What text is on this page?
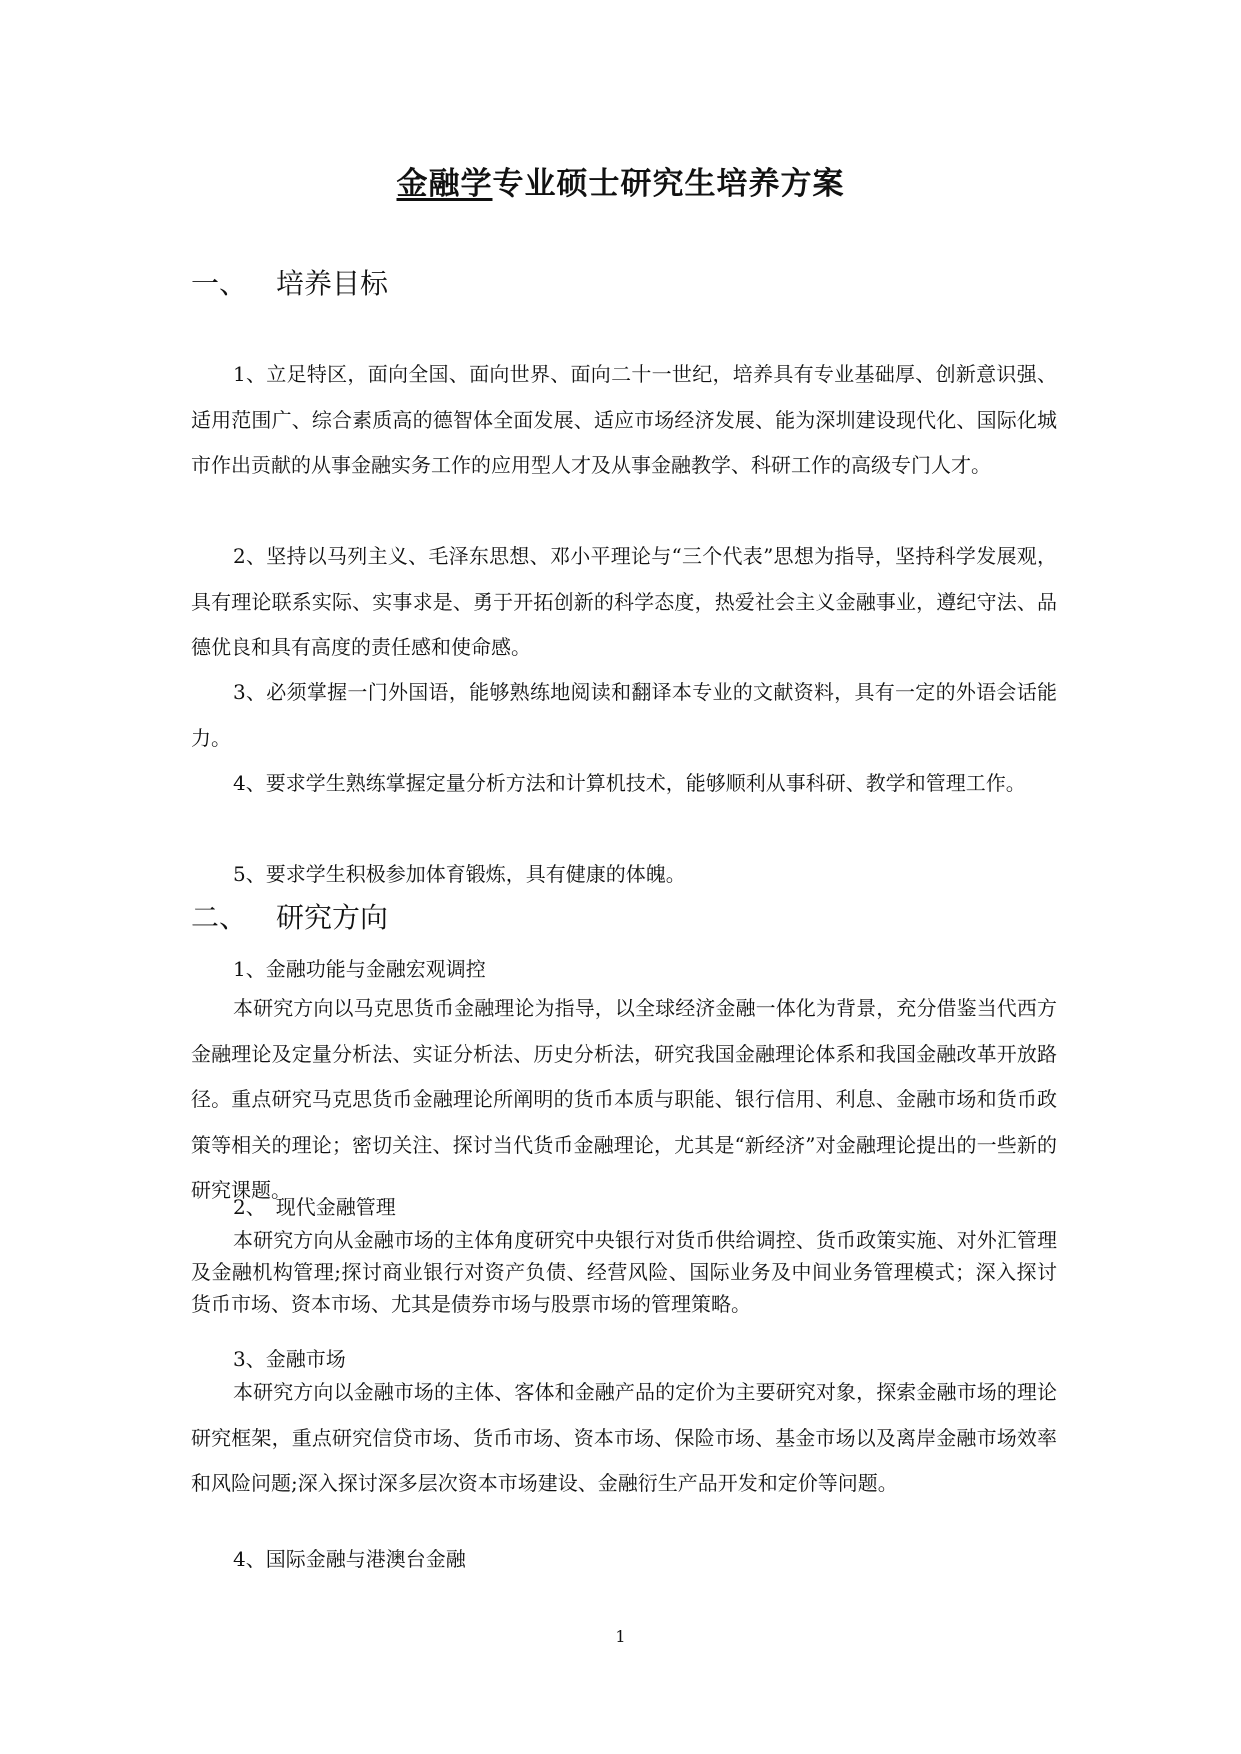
金融学专业硕士研究生培养方案
一、 培养目标

1、立足特区，面向全国、面向世界、面向二十一世纪，培养具有专业基础厚、创新意识强、适用范围广、综合素质高的德智体全面发展、适应市场经济发展、能为深圳建设现代化、国际化城市作出贡献的从事金融实务工作的应用型人才及从事金融教学、科研工作的高级专门人才。

2、坚持以马列主义、毛泽东思想、邓小平理论与“三个代表”思想为指导，坚持科学发展观，具有理论联系实际、实事求是、勇于开拓创新的科学态度，热爱社会主义金融事业，遵纪守法、品德优良和具有高度的责任感和使命感。

3、必须掌握一门外国语，能够熟练地阅读和翻译本专业的文献资料，具有一定的外语会话能力。

4、要求学生熟练掌握定量分析方法和计算机技术，能够顺利从事科研、教学和管理工作。

5、要求学生积极参加体育锻炼，具有健康的体魄。

二、 研究方向

1、金融功能与金融宏观调控

本研究方向以马克思货币金融理论为指导，以全球经济金融一体化为背景，充分借鉴当代西方金融理论及定量分析法、实证分析法、历史分析法，研究我国金融理论体系和我国金融改革开放路径。重点研究马克思货币金融理论所阐明的货币本质与职能、银行信用、利息、金融市场和货币政策等相关的理论；密切关注、探讨当代货币金融理论，尤其是“新经济”对金融理论提出的一些新的研究课题。

2、　现代金融管理

本研究方向从金融市场的主体角度研究中央银行对货币供给调控、货币政策实施、对外汇管理及金融机构管理;探讨商业银行对资产负债、经营风险、国际业务及中间业务管理模式；深入探讨货币市场、资本市场、尤其是债券市场与股票市场的管理策略。

3、金融市场

本研究方向以金融市场的主体、客体和金融产品的定价为主要研究对象，探索金融市场的理论研究框架，重点研究信贷市场、货币市场、资本市场、保险市场、基金市场以及离岸金融市场效率和风险问题;深入探讨深多层次资本市场建设、金融衍生产品开发和定价等问题。

4、国际金融与港澳台金融

1
